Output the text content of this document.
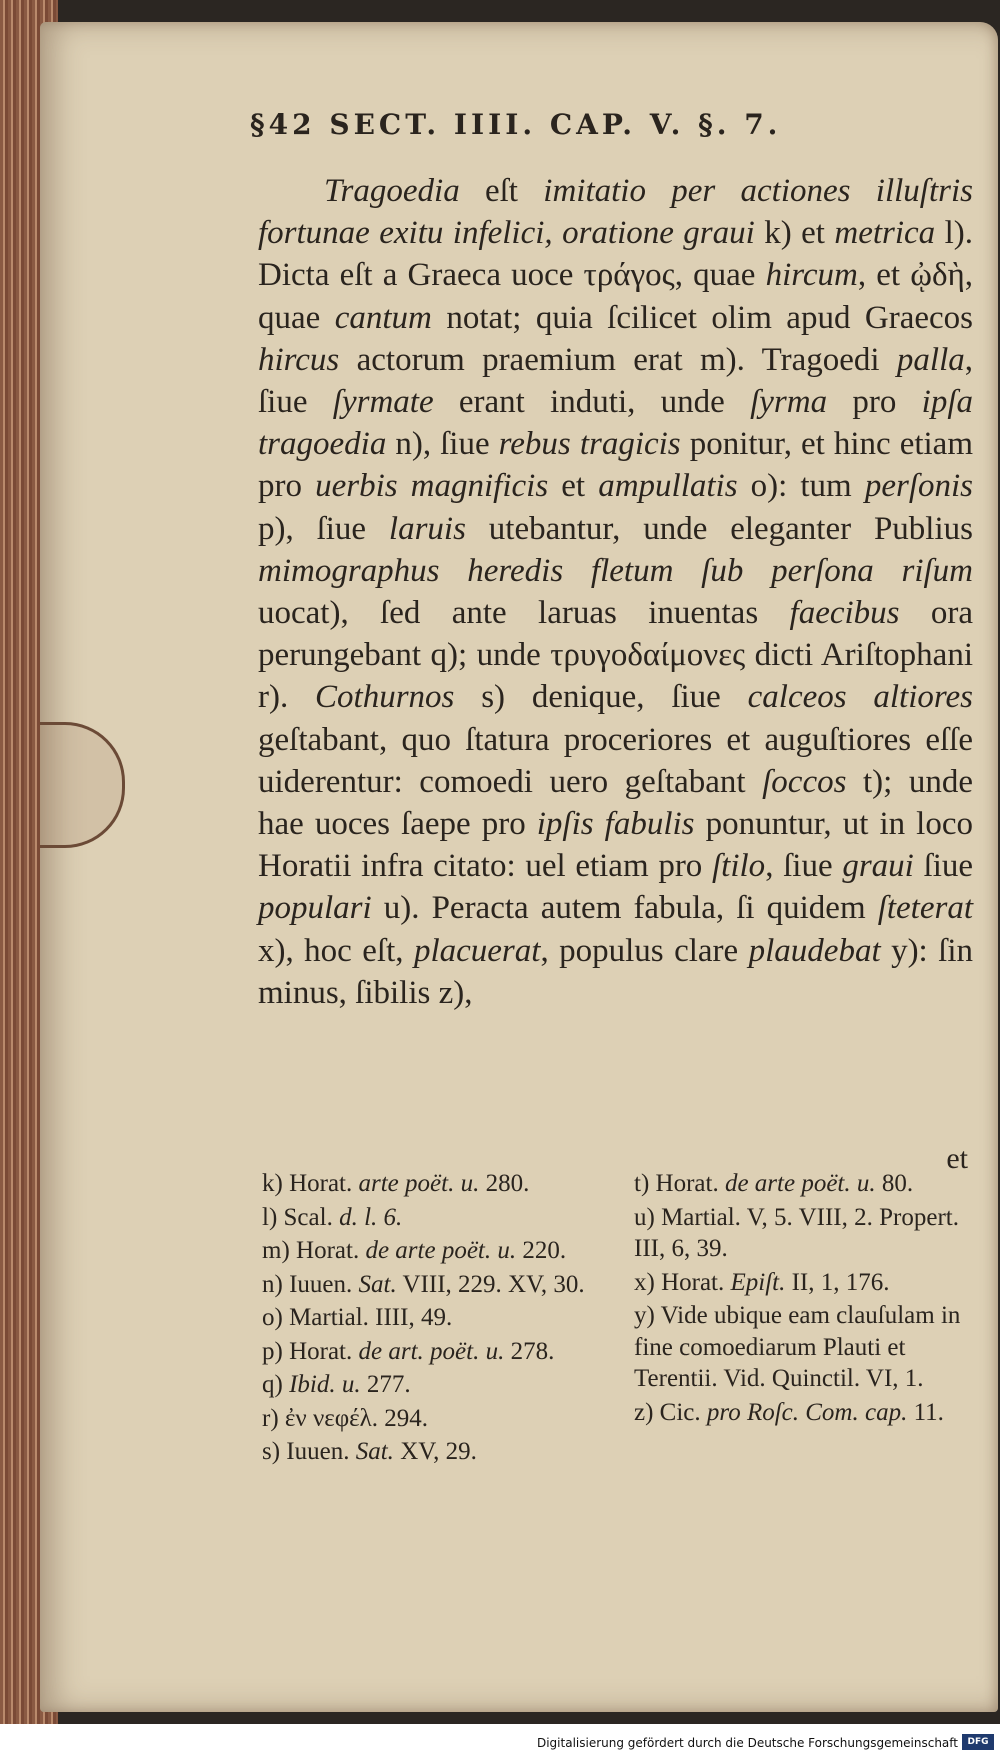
§42 SECT. IIII. CAP. V. §. 7.

Tragoedia eſt imitatio per actiones illuſtris fortunae exitu infelici, oratione graui k) et metrica l). Dicta eſt a Graeca uoce τράγος, quae hircum, et ᾠδὴ, quae cantum notat; quia ſcilicet olim apud Graecos hircus actorum praemium erat m). Tragoedi palla, ſiue ſyrmate erant induti, unde ſyrma pro ipſa tragoedia n), ſiue rebus tragicis ponitur, et hinc etiam pro uerbis magnificis et ampullatis o): tum perſonis p), ſiue laruis utebantur, unde eleganter Publius mimographus heredis fletum ſub perſona riſum uocat), ſed ante laruas inuentas faecibus ora perungebant q); unde τρυγοδαίμονες dicti Ariſtophani r). Cothurnos s) denique, ſiue calceos altiores geſtabant, quo ſtatura proceriores et auguſtiores eſſe uiderentur: comoedi uero geſtabant ſoccos t); unde hae uoces ſaepe pro ipſis fabulis ponuntur, ut in loco Horatii infra citato: uel etiam pro ſtilo, ſiue graui ſiue populari u). Peracta autem fabula, ſi quidem ſteterat x), hoc eſt, placuerat, populus clare plaudebat y): ſin minus, ſibilis z),

et

k) Horat. arte poët. u. 280.

l) Scal. d. l. 6.

m) Horat. de arte poët. u. 220.

n) Iuuen. Sat. VIII, 229. XV, 30.

o) Martial. IIII, 49.

p) Horat. de art. poët. u. 278.

q) Ibid. u. 277.

r) ἐν νεφέλ. 294.

s) Iuuen. Sat. XV, 29.

t) Horat. de arte poët. u. 80.

u) Martial. V, 5. VIII, 2. Propert. III, 6, 39.

x) Horat. Epiſt. II, 1, 176.

y) Vide ubique eam clauſulam in fine comoediarum Plauti et Terentii. Vid. Quinctil. VI, 1.

z) Cic. pro Roſc. Com. cap. 11.

Digitalisierung gefördert durch die Deutsche Forschungsgemeinschaft	DFG
